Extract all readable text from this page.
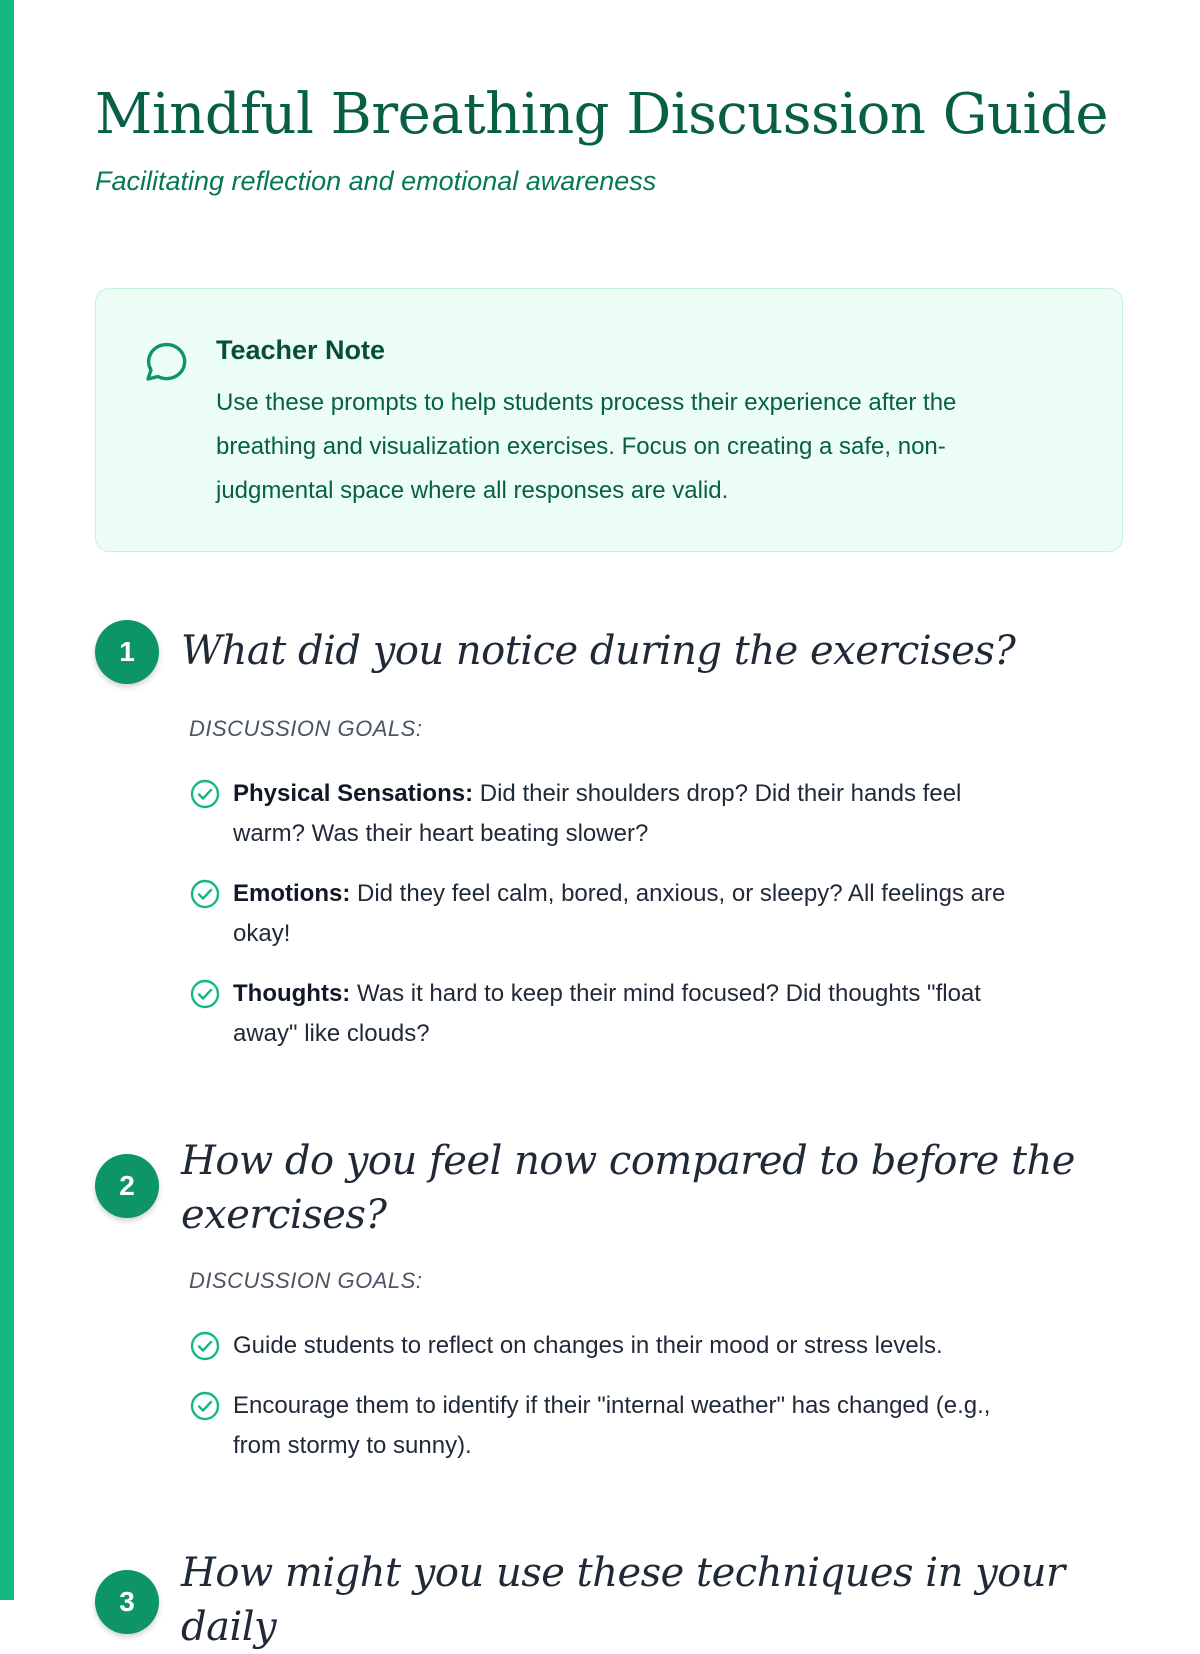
Mindful Breathing Discussion Guide
Facilitating reflection and emotional awareness
Teacher Note
Use these prompts to help students process their experience after the
breathing and visualization exercises. Focus on creating a safe, non-
judgmental space where all responses are valid.
1	What did you notice during the exercises?
DISCUSSION GOALS:
Physical Sensations: Did their shoulders drop? Did their hands feel
warm? Was their heart beating slower?
Emotions: Did they feel calm, bored, anxious, or sleepy? All feelings are
okay!
Thoughts: Was it hard to keep their mind focused? Did thoughts "float
away" like clouds?
2
How do you feel now compared to before the
exercises?
DISCUSSION GOALS:
Guide students to reflect on changes in their mood or stress levels.
Encourage them to identify if their "internal weather" has changed (e.g.,
from stormy to sunny).
3
How might you use these techniques in your daily
